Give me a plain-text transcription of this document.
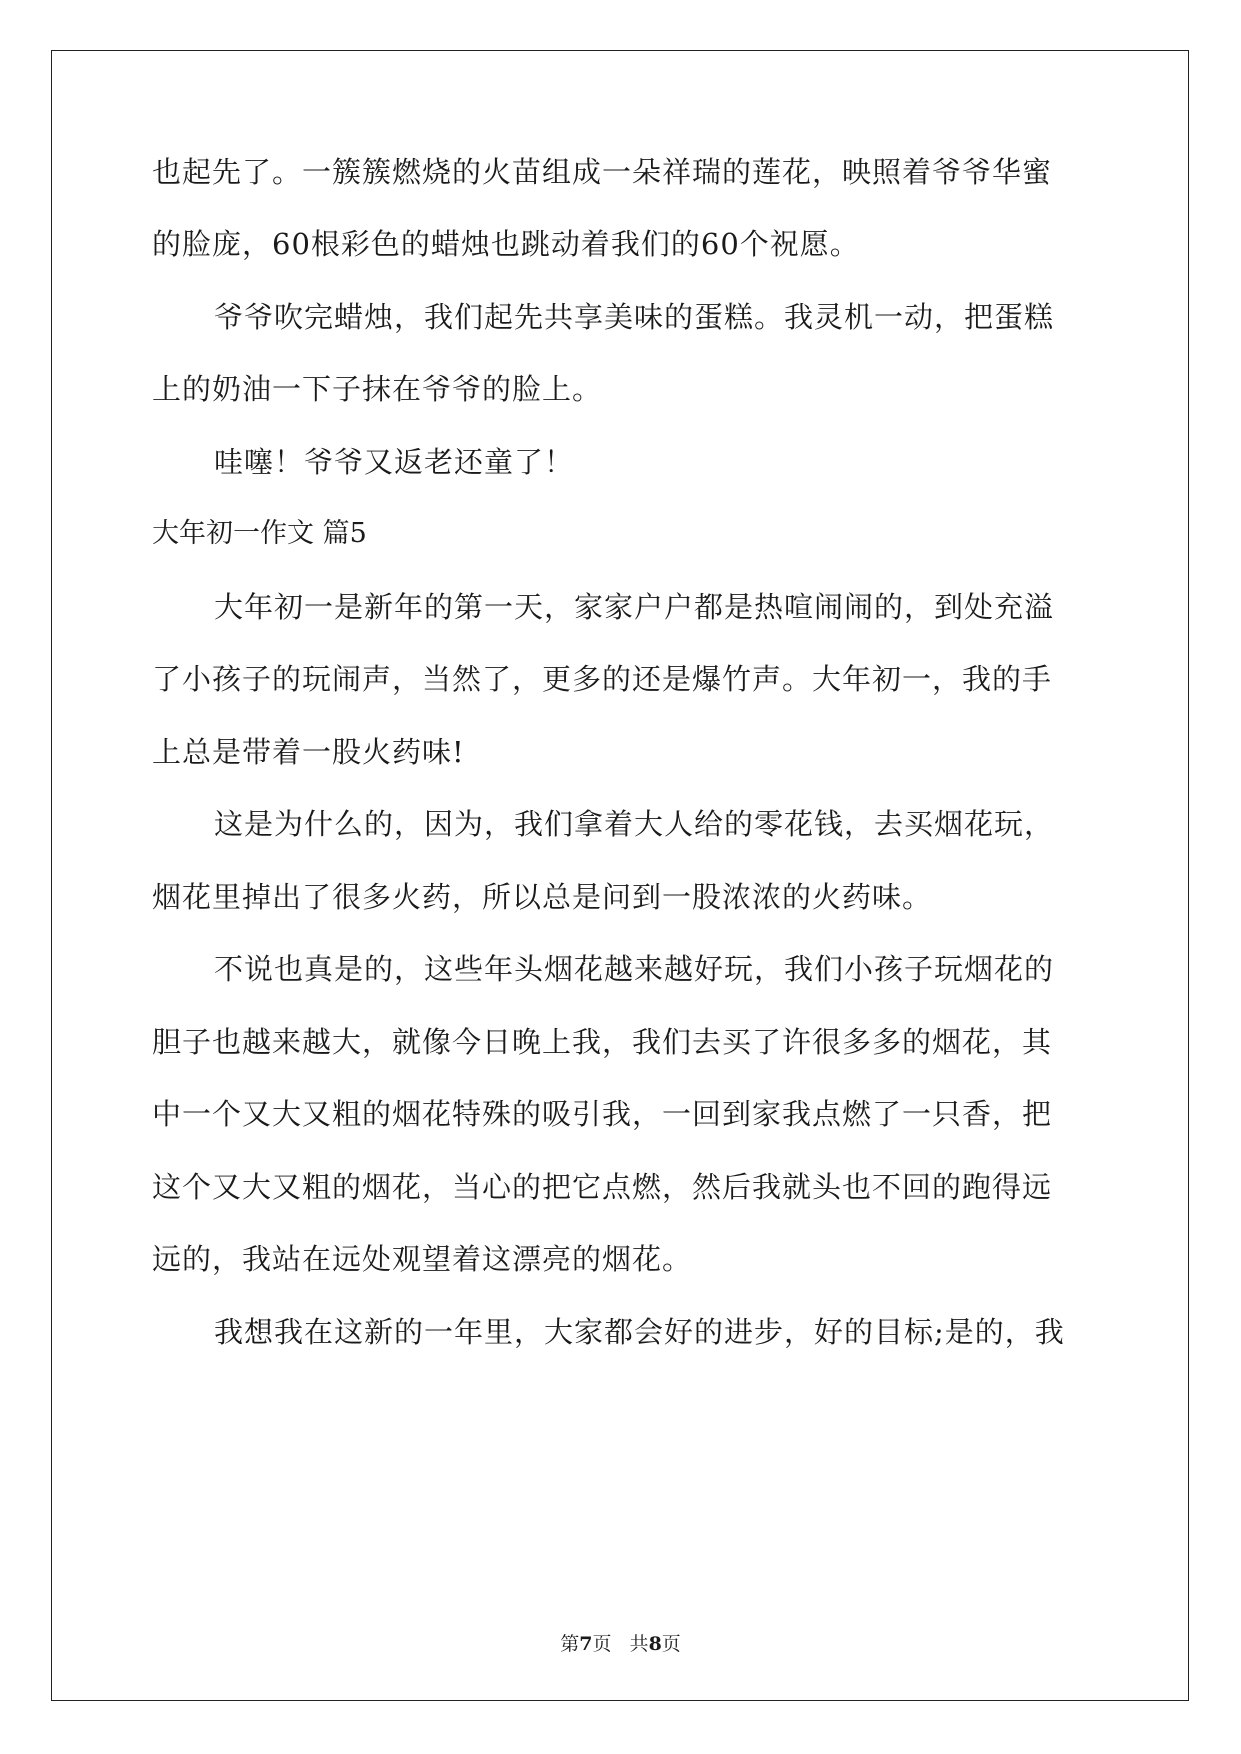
也起先了。一簇簇燃烧的火苗组成一朵祥瑞的莲花，映照着爷爷华蜜
的脸庞，60根彩色的蜡烛也跳动着我们的60个祝愿。
爷爷吹完蜡烛，我们起先共享美味的蛋糕。我灵机一动，把蛋糕
上的奶油一下子抹在爷爷的脸上。
哇噻！爷爷又返老还童了！
大年初一作文 篇5
大年初一是新年的第一天，家家户户都是热喧闹闹的，到处充溢
了小孩子的玩闹声，当然了，更多的还是爆竹声。大年初一，我的手
上总是带着一股火药味!
这是为什么的，因为，我们拿着大人给的零花钱，去买烟花玩，
烟花里掉出了很多火药，所以总是问到一股浓浓的火药味。
不说也真是的，这些年头烟花越来越好玩，我们小孩子玩烟花的
胆子也越来越大，就像今日晚上我，我们去买了许很多多的烟花，其
中一个又大又粗的烟花特殊的吸引我，一回到家我点燃了一只香，把
这个又大又粗的烟花，当心的把它点燃，然后我就头也不回的跑得远
远的，我站在远处观望着这漂亮的烟花。
我想我在这新的一年里，大家都会好的进步，好的目标;是的，我
第7页   共8页
